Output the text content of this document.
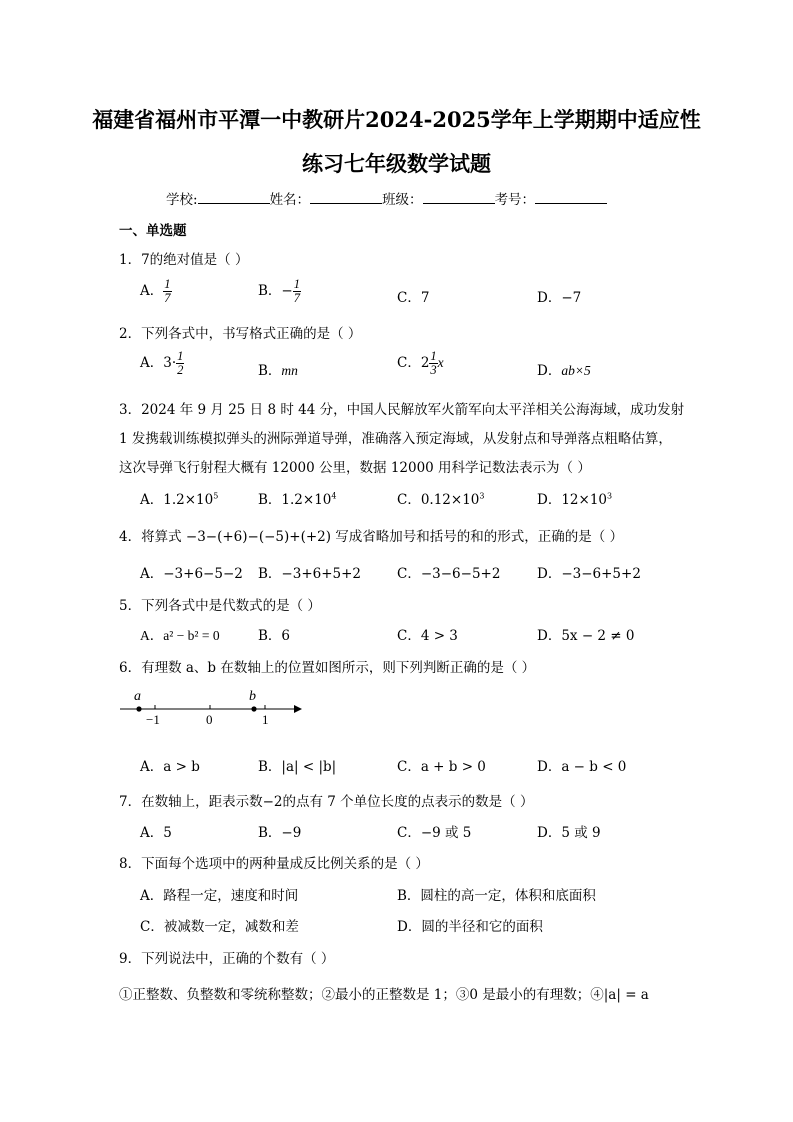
福建省福州市平潭一中教研片2024-2025学年上学期期中适应性
练习七年级数学试题
学校:	姓名：	班级：	考号：
一、单选题
1．7的绝对值是（ ）
A． $\frac{1}{7}$	B．− $\frac{1}{7}$	C．7	D．−7
2．下列各式中，书写格式正确的是（ ）
A．$3\cdot \frac{1}{2}$	B．mn	C．$2 \frac{1}{3}$ x
D．ab×5
3．2024 年 9 月 25 日 8 时 44 分，中国人民解放军火箭军向太平洋相关公海海域，成功发射
1 发携载训练模拟弹头的洲际弹道导弹，准确落入预定海域，从发射点和导弹落点粗略估算，
这次导弹飞行射程大概有 12000 公里，数据 12000 用科学记数法表示为（ ）
A．$1.2\times 10^5$	B．$1.2\times 10^4$	C．$0.12\times 10^3$	D．$12\times 10^3$
4．将算式 −3−(+6)−(−5)+(+2) 写成省略加号和括号的和的形式，正确的是（ ）
A．−3+6−5−2 B．−3+6+5+2	C．−3−6−5+2	D．−3−6+5+2
5．下列各式中是代数式的是（ ）
A．a² − b² = 0	B．6	C．4 > 3	D．5x − 2 ≠ 0
6．有理数 a、b 在数轴上的位置如图所示，则下列判断正确的是（ ）
a	b
−1	0	1
A．a > b	B．|a| < |b|	C．a + b > 0	D．a − b < 0
7．在数轴上，距表示数−2的点有 7 个单位长度的点表示的数是（ ）
A．5	B．−9	C．−9 或 5	D．5 或 9
8．下面每个选项中的两种量成反比例关系的是（ ）
A．路程一定，速度和时间	B．圆柱的高一定，体积和底面积
C．被减数一定，减数和差	D．圆的半径和它的面积
9．下列说法中，正确的个数有（ ）
①正整数、负整数和零统称整数；②最小的正整数是 1；③0 是最小的有理数；④|a| = a
